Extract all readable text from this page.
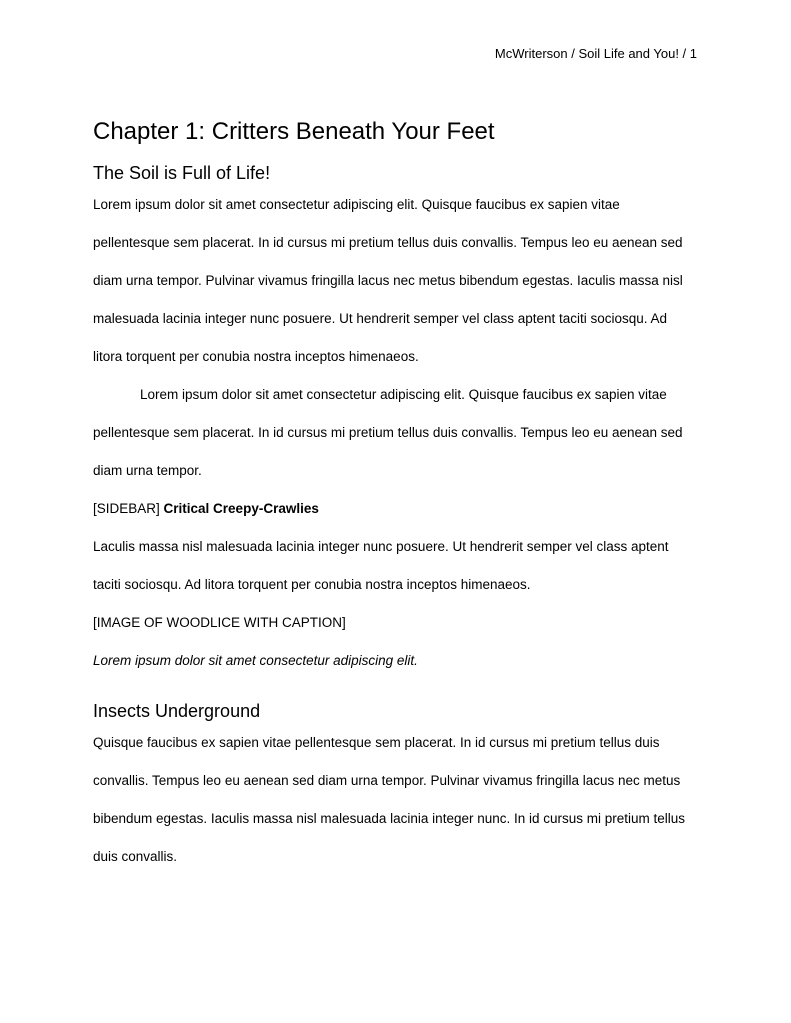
McWriterson / Soil Life and You! / 1
Chapter 1: Critters Beneath Your Feet
The Soil is Full of Life!

Lorem ipsum dolor sit amet consectetur adipiscing elit. Quisque faucibus ex sapien vitae pellentesque sem placerat. In id cursus mi pretium tellus duis convallis. Tempus leo eu aenean sed diam urna tempor. Pulvinar vivamus fringilla lacus nec metus bibendum egestas. Iaculis massa nisl malesuada lacinia integer nunc posuere. Ut hendrerit semper vel class aptent taciti sociosqu. Ad litora torquent per conubia nostra inceptos himenaeos.

Lorem ipsum dolor sit amet consectetur adipiscing elit. Quisque faucibus ex sapien vitae pellentesque sem placerat. In id cursus mi pretium tellus duis convallis. Tempus leo eu aenean sed diam urna tempor.

[SIDEBAR] Critical Creepy-Crawlies

Laculis massa nisl malesuada lacinia integer nunc posuere. Ut hendrerit semper vel class aptent taciti sociosqu. Ad litora torquent per conubia nostra inceptos himenaeos.

[IMAGE OF WOODLICE WITH CAPTION]

Lorem ipsum dolor sit amet consectetur adipiscing elit.

Insects Underground

Quisque faucibus ex sapien vitae pellentesque sem placerat. In id cursus mi pretium tellus duis convallis. Tempus leo eu aenean sed diam urna tempor. Pulvinar vivamus fringilla lacus nec metus bibendum egestas. Iaculis massa nisl malesuada lacinia integer nunc. In id cursus mi pretium tellus duis convallis.
